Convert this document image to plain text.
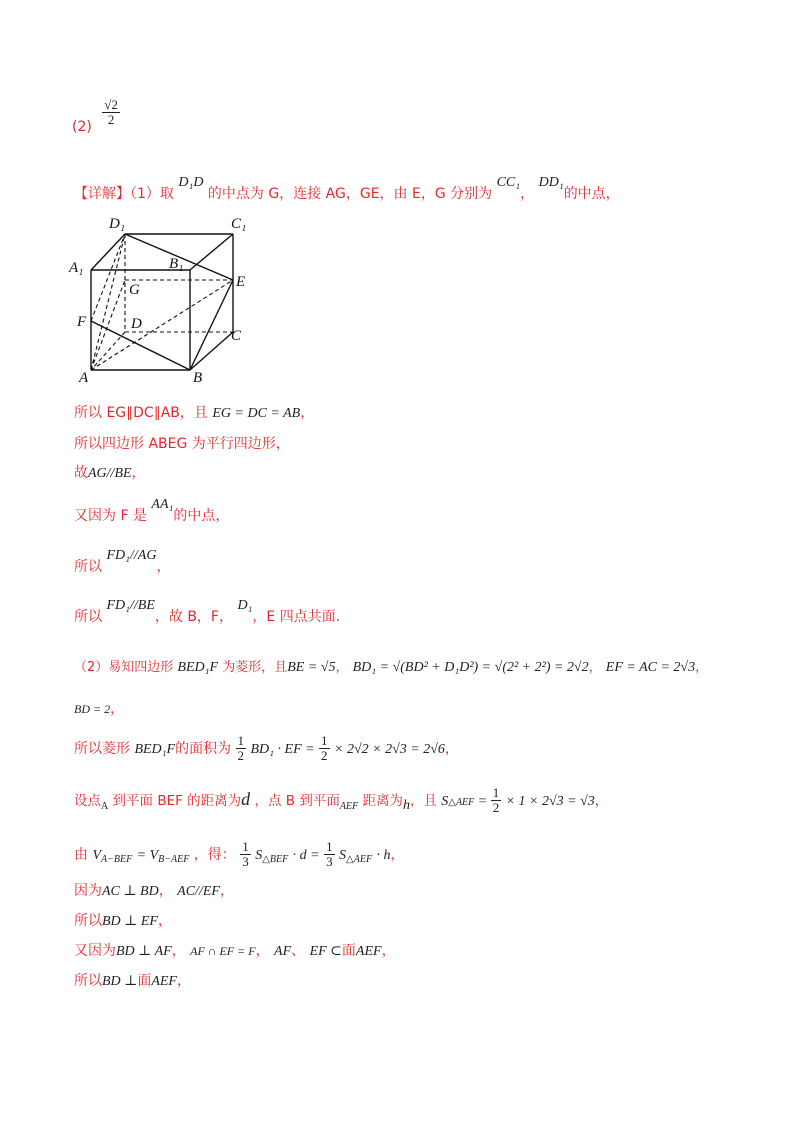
$(2) \frac{√2}{2}$
【详解】（1）取 D₁D 的中点为 G，连接 AG，GE，由 E，G 分别为 CC₁， DD₁的中点，
D₁	C₁
A₁	B₁
E
G
F	D
C
A	B
所以 EG∥DC∥AB，且 EG = DC = AB，
所以四边形 ABEG 为平行四边形，
故AG//BE，
又因为 F 是 AA₁的中点，
所以 FD₁//AG，
所以 FD₁//BE，故 B，F， D₁，E 四点共面.
（2）易知四边形 BED₁F 为菱形，且BE = √5， BD₁ = √(BD² + D₁D²) = √(2² + 2²) = 2√2， EF = AC = 2√3，
BD = 2，
所以菱形 BED₁F的面积为 $\frac{1}{2} BD_1$ · EF = $\frac{1}{2} \times 2√2 \times 2√3 = 2√6$，
设点$_A$ 到平面 BEF 的距离为d ，点 B 到平面$_{AEF}$ 距离为h，且 S△AEF = $\frac{1}{2} \times 1 \times 2√3 = √3$，
由 $V_{A-BEF} = V_{B-AEF}$ ，得： $\frac{1}{3} S_{\triangle BEF} \cdot d = \frac{1}{3} S_{\triangle AEF} \cdot h$，
因为AC ⊥ BD， AC//EF，
所以BD ⊥ EF，
又因为BD ⊥ AF， AF ∩ EF = F， AF、 EF ⊂面AEF，
所以BD ⊥面AEF，
